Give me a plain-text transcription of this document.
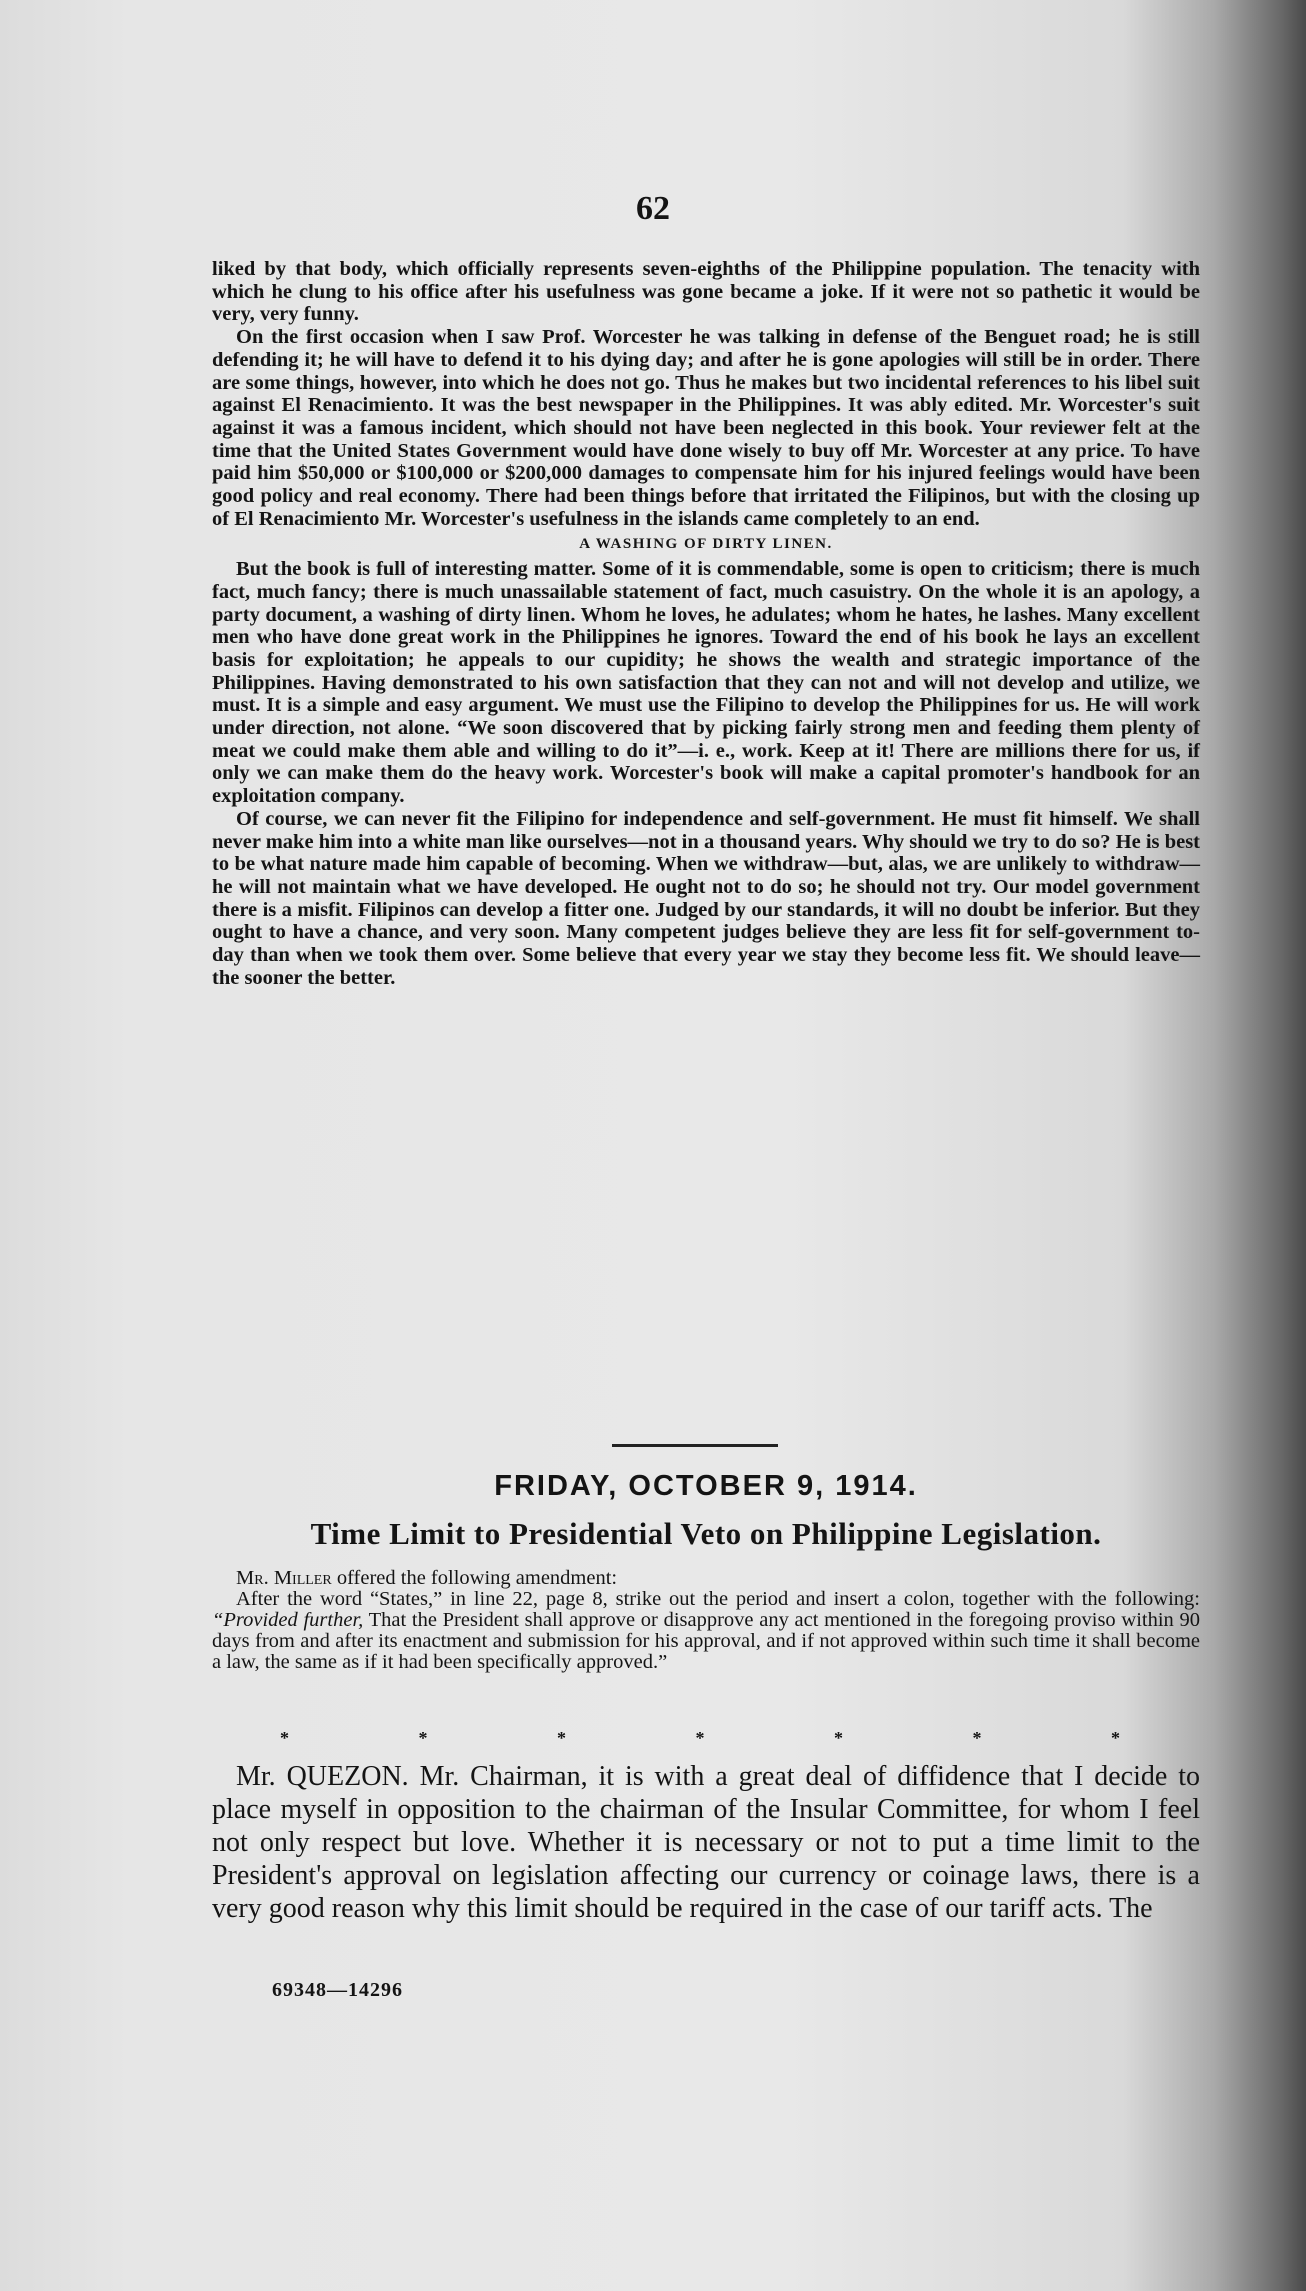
62

liked by that body, which officially represents seven-eighths of the Philippine population. The tenacity with which he clung to his office after his usefulness was gone became a joke. If it were not so pathetic it would be very, very funny.

On the first occasion when I saw Prof. Worcester he was talking in defense of the Benguet road; he is still defending it; he will have to defend it to his dying day; and after he is gone apologies will still be in order. There are some things, however, into which he does not go. Thus he makes but two incidental references to his libel suit against El Renacimiento. It was the best newspaper in the Philippines. It was ably edited. Mr. Worcester's suit against it was a famous incident, which should not have been neglected in this book. Your reviewer felt at the time that the United States Government would have done wisely to buy off Mr. Worcester at any price. To have paid him $50,000 or $100,000 or $200,000 damages to compensate him for his injured feelings would have been good policy and real economy. There had been things before that irritated the Filipinos, but with the closing up of El Renacimiento Mr. Worcester's usefulness in the islands came completely to an end.

A WASHING OF DIRTY LINEN.

But the book is full of interesting matter. Some of it is commendable, some is open to criticism; there is much fact, much fancy; there is much unassailable statement of fact, much casuistry. On the whole it is an apology, a party document, a washing of dirty linen. Whom he loves, he adulates; whom he hates, he lashes. Many excellent men who have done great work in the Philippines he ignores. Toward the end of his book he lays an excellent basis for exploitation; he appeals to our cupidity; he shows the wealth and strategic importance of the Philippines. Having demonstrated to his own satisfaction that they can not and will not develop and utilize, we must. It is a simple and easy argument. We must use the Filipino to develop the Philippines for us. He will work under direction, not alone. “We soon discovered that by picking fairly strong men and feeding them plenty of meat we could make them able and willing to do it”—i. e., work. Keep at it! There are millions there for us, if only we can make them do the heavy work. Worcester's book will make a capital promoter's handbook for an exploitation company.

Of course, we can never fit the Filipino for independence and self-government. He must fit himself. We shall never make him into a white man like ourselves—not in a thousand years. Why should we try to do so? He is best to be what nature made him capable of becoming. When we withdraw—but, alas, we are unlikely to withdraw—he will not maintain what we have developed. He ought not to do so; he should not try. Our model government there is a misfit. Filipinos can develop a fitter one. Judged by our standards, it will no doubt be inferior. But they ought to have a chance, and very soon. Many competent judges believe they are less fit for self-government to-day than when we took them over. Some believe that every year we stay they become less fit. We should leave—the sooner the better.

FRIDAY, OCTOBER 9, 1914.
Time Limit to Presidential Veto on Philippine Legislation.

Mr. Miller offered the following amendment:

After the word “States,” in line 22, page 8, strike out the period and insert a colon, together with the following: “Provided further, That the President shall approve or disapprove any act mentioned in the foregoing proviso within 90 days from and after its enactment and submission for his approval, and if not approved within such time it shall become a law, the same as if it had been specifically approved.”

*	*	*	*	*	*	*

Mr. QUEZON. Mr. Chairman, it is with a great deal of diffidence that I decide to place myself in opposition to the chairman of the Insular Committee, for whom I feel not only respect but love. Whether it is necessary or not to put a time limit to the President's approval on legislation affecting our currency or coinage laws, there is a very good reason why this limit should be required in the case of our tariff acts. The

69348—14296
